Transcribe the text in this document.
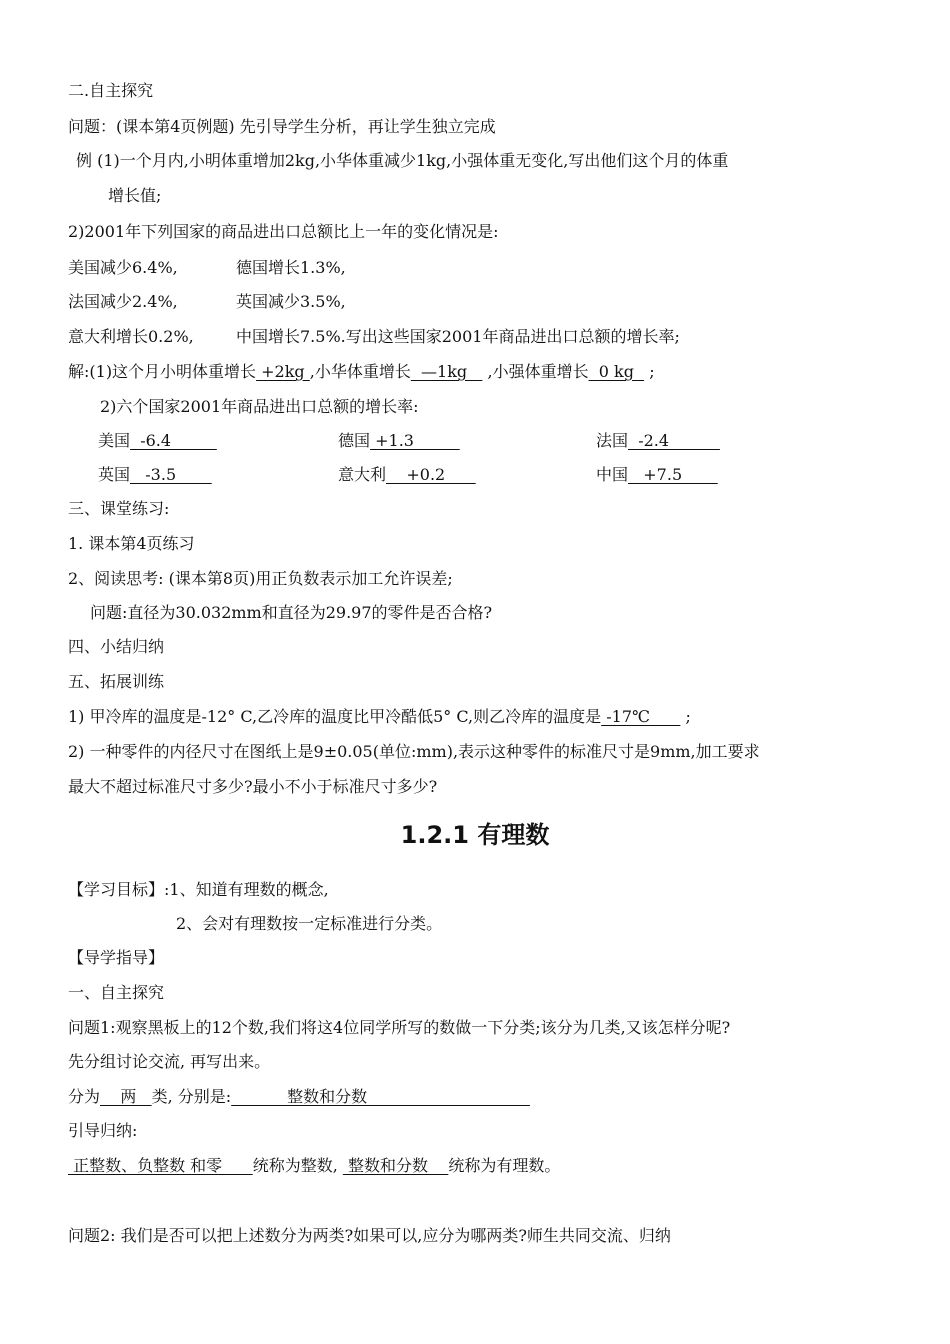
二.自主探究
问题：(课本第4页例题) 先引导学生分析，再让学生独立完成
例 (1)一个月内,小明体重增加2kg,小华体重减少1kg,小强体重无变化,写出他们这个月的体重
增长值;
2)2001年下列国家的商品进出口总额比上一年的变化情况是:
美国减少6.4%,	德国增长1.3%,
法国减少2.4%,	英国减少3.5%,
意大利增长0.2%,	中国增长7.5%.写出这些国家2001年商品进出口总额的增长率;
解:(1)这个月小明体重增长 +2kg ,小华体重增长  —1kg    ,小强体重增长  0 kg   ;
2)六个国家2001年商品进出口总额的增长率:
美国  -6.4	德国 +1.3	法国  -2.4
英国   -3.5	意大利    +0.2	中国   +7.5
三、课堂练习:
1. 课本第4页练习
2、阅读思考: (课本第8页)用正负数表示加工允许误差;
问题:直径为30.032mm和直径为29.97的零件是否合格?
四、小结归纳
五、拓展训练
1) 甲冷库的温度是-12° C,乙冷库的温度比甲冷酷低5° C,则乙冷库的温度是 -17℃       ;
2) 一种零件的内径尺寸在图纸上是9±0.05(单位:mm),表示这种零件的标准尺寸是9mm,加工要求
最大不超过标准尺寸多少?最小不小于标准尺寸多少?
1.2.1 有理数
【学习目标】:1、知道有理数的概念,
2、会对有理数按一定标准进行分类。
【导学指导】
一、自主探究
问题1:观察黑板上的12个数,我们将这4位同学所写的数做一下分类;该分为几类,又该怎样分呢?
先分组讨论交流, 再写出来。
分为    两   类, 分别是:           整数和分数
引导归纳:
正整数、负整数 和零      统称为整数,  整数和分数    统称为有理数。
问题2: 我们是否可以把上述数分为两类?如果可以,应分为哪两类?师生共同交流、归纳
